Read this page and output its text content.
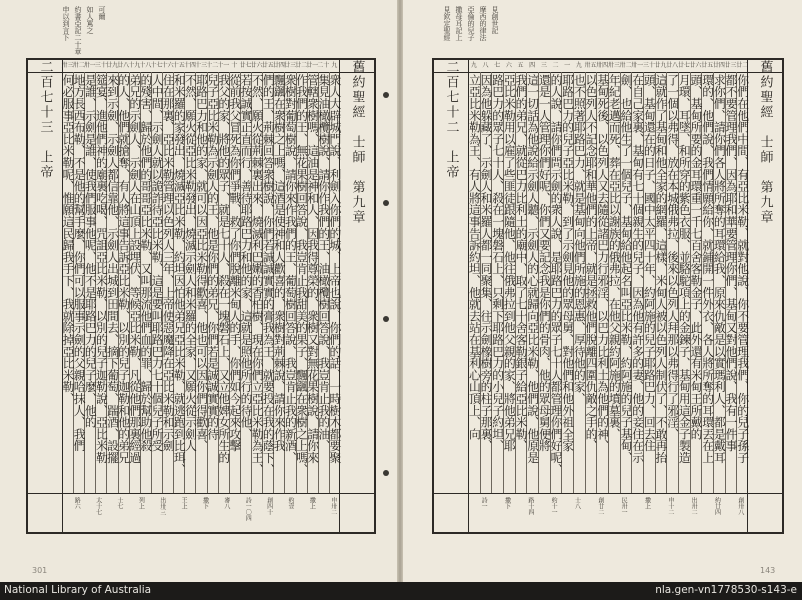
申以到言下 約書亞記二十章 如人罵之 可爾
九
二十
廿一
廿二
廿三
廿四
廿五
廿六
廿七
十
十一
十二
十三
十四
十五
十六
十七
十八
十九
廿八
廿九
三十
卅一
卅二
卅三
二百七十三　上帝	舊約聖經　士師　第九章
衆人大辟城門說、利劍入你們的城、上帝也說、你們的話、一時樹木都要聚
集見油橄欖樹說、請你作我們的王、油橄欖樹回答說、我豈肯止我的油、
管轄衆樹嗎、這油是神和人、因我得尊榮的、衆樹又對無花果樹說、請你來
作我們的王、無花果樹回答說、我豈肯止我甜美的果子、飄颻在衆樹之上嗎、
衆樹對葡萄樹說、請你來作我們的王、葡萄樹回答說、我豈肯止我的新酒、
飄颻在衆樹之上嗎、這酒是使神和人歡喜的、衆樹對荊棘說、請你來作我
們的王、荊棘回答衆樹說、你們若誠誠實實的膏我為王、就要投在我的蔭下、
不然、願火從荊棘裏出來、燒滅利巴嫩的香柏樹、現在你們立亞比米勒為王、
若按誠實正直而行、善待耶路巴力和他的家、這就是照他所行的待他、
從前我父冒死為你們爭戰、救了你們脫離米甸人的手、你們如今起來攻擊
我父的家、將他的眾子、就是七十人、殺在一塊磐石上、又立他婢女所生的
兒子亞比米勒為示劍人的王、他是你們的弟兄、你們若是誠誠實實的待
耶路巴力和他的家、就可以因亞比米勒得歡喜、他也可以因你們得歡喜、
不然、願火從亞比米勒發出、燒滅示劍人和米羅的全家、又願火從示劍人
和米羅的家發出、燒滅亞比米勒、約坦因怕他弟兄亞比米勒、就逃跑到比珥、
住在那裏、亞比米勒管理以色列人三年、上帝使惡魔降在亞比米勒和示劍
人中間、示劍人就以詭詐待亞比米勒、這是要叫耶路巴力七十個兒子所受
的殘害、歸於他們的哥哥亞比米勒、又叫那流他們血的罪、歸於幫助他殺
弟兄的示劍人、示劍人在山頂上設埋伏、等候亞比米勒、凡從他們那裏經過
的人、他們就搶奪、有人將這事告訴亞比米勒、以別的兒子迦勒和他的弟兄
來到示劍、示劍人都信靠他、示劍人出城到田間去、摘下葡萄、踹酒、設擺
筵宴、進他們神的廟裏吃喝、咒詛亞比米勒、以別的兒子迦勒說、亞比米勒
是誰、示劍是誰、使我們服事他呢、他不是耶路巴力的兒子麼、他的
地方長西布勒、不是他的幫手麼、你們可以服事示劍的父親哈抹人、我們
何必服事亞比米勒呢、惟願這民歸我手下、我就除掉亞比米勒、
申卅二
撒上
約壹
創四十
詩一〇四
審八
撒下
王上
出卅三
列上
士七
太十七
路六
301
見欽定聖經 撒母耳記上 亞倫的兒子 摩西的律法 見創世記
廿二
廿三
廿四
廿五
廿六
廿七
廿八
廿九
三十
卅一
卅二
卅三
卅四
卅五
九
一
二
三
四
五
六
七
八
九
二百七十二　上帝	舊約聖經　士師　第九章
你們在他們中間、有亞比米勒、就對他說、你不要管理我們、你的兒子孫子
都不要管理我們、因為耶和華要管理你們、基甸又對他們說、我有一件事
求你們、請你們各人將所奪的耳環給我、原來仇敵是以實瑪利人、都是戴耳
環的、他們說、我們情願給你、就鋪開一件外衣、各人將所奪的耳環丟在上
頭、基甸所要的金耳環重一千七百舍客勒金子、此外還有米甸王所戴的
月環、耳墜、和所穿的紫色衣服、並駱駝項上的金鍊子、基甸用這金子製造
了一個以弗得、放在本城俄弗拉、後來以色列人拜那以弗得行了邪淫、
這就作了基甸和他全家的網羅、這樣、米甸人被以色列人制伏了、不敢再抬
頭、基甸還在的日子、國中太平四十年、約阿施的兒子耶路巴力、回去住
在自己家裏、基甸有七十個親生的兒子、因為他有許多的妻、他的妾住在示
劍、也給他生了一個兒子、基甸給他起名叫亞比米勒、約阿施的兒子基甸、
年紀老邁而死、葬在亞比以謝族的俄弗拉、在他父親約阿施的墳墓裏、
基甸死後、以色列人又去隨從諸巴力行邪淫、以巴力比利土為他們的神、
以色列人不記念耶和華他們的上帝、就是拯救他們脫離四圍仇敵之手的、
也不照著耶路巴力、就是基甸向他們所施的恩惠、厚待他的家、
耶路巴力的兒子亞比米勒、到了示劍見他的眾母舅、對他們和他外祖全家
的人說、請你們問示劍的衆人說、是耶路巴力的眾子七十人都管理你們好呢、
還是一人管理你們好呢、你們又要記念我是你們的骨肉、他的眾母舅便將
這一切話為他說給示劍人聽、示劍人的心就歸向亞比米勒、他們說、他原是
我們的弟兄、就從巴力比利土的廟中、取了七十舍客勒銀子給亞比米勒、
亞比米勒用以雇了些匪徒跟隨他、他往俄弗拉到他父親的家、將他弟兄耶
路巴力的眾子七十人、殺在一塊磐石上、只剩下耶路巴力的小兒子約坦、
因為他躲藏了、示劍人和米羅人都一同聚集、往示劍橡樹旁的柱子那裏、
立亞比米勒為王、有人將這事告訴約坦、他就去站在基利心山頂上、向
創卅八
約廿四
出卅二
申十二
撒上
民卅一
創廿二
士八
約十一
路十四
撒下
詩一
143
National Library of Australia	nla.gen-vn1778530-s143-e
